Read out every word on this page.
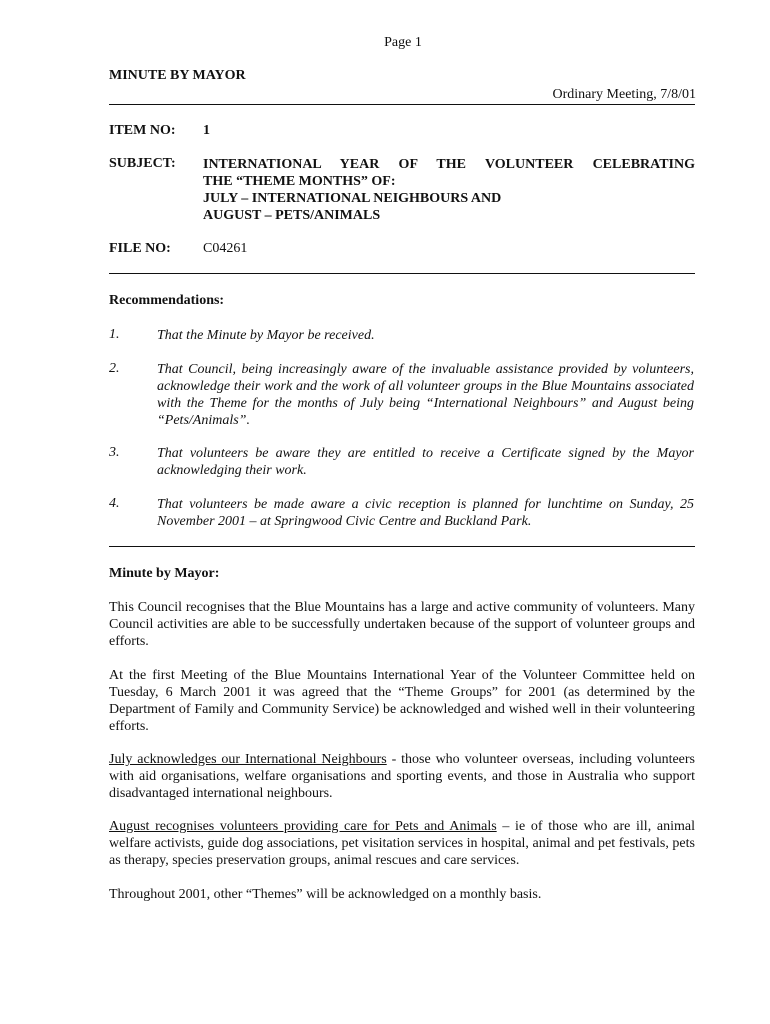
Page 1
MINUTE BY MAYOR
Ordinary Meeting, 7/8/01
ITEM NO: 1
SUBJECT: INTERNATIONAL YEAR OF THE VOLUNTEER CELEBRATING
THE “THEME MONTHS” OF:
JULY – INTERNATIONAL NEIGHBOURS AND
AUGUST – PETS/ANIMALS
FILE NO: C04261
Recommendations:
1.	That the Minute by Mayor be received.
2.	That Council, being increasingly aware of the invaluable assistance provided by volunteers, acknowledge their work and the work of all volunteer groups in the Blue Mountains associated with the Theme for the months of July being “International Neighbours” and August being “Pets/Animals”.
3.	That volunteers be aware they are entitled to receive a Certificate signed by the Mayor acknowledging their work.
4.	That volunteers be made aware a civic reception is planned for lunchtime on Sunday, 25 November 2001 – at Springwood Civic Centre and Buckland Park.
Minute by Mayor:
This Council recognises that the Blue Mountains has a large and active community of volunteers. Many Council activities are able to be successfully undertaken because of the support of volunteer groups and efforts.
At the first Meeting of the Blue Mountains International Year of the Volunteer Committee held on Tuesday, 6 March 2001 it was agreed that the “Theme Groups” for 2001 (as determined by the Department of Family and Community Service) be acknowledged and wished well in their volunteering efforts.
July acknowledges our International Neighbours - those who volunteer overseas, including volunteers with aid organisations, welfare organisations and sporting events, and those in Australia who support disadvantaged international neighbours.
August recognises volunteers providing care for Pets and Animals – ie of those who are ill, animal welfare activists, guide dog associations, pet visitation services in hospital, animal and pet festivals, pets as therapy, species preservation groups, animal rescues and care services.
Throughout 2001, other “Themes” will be acknowledged on a monthly basis.
